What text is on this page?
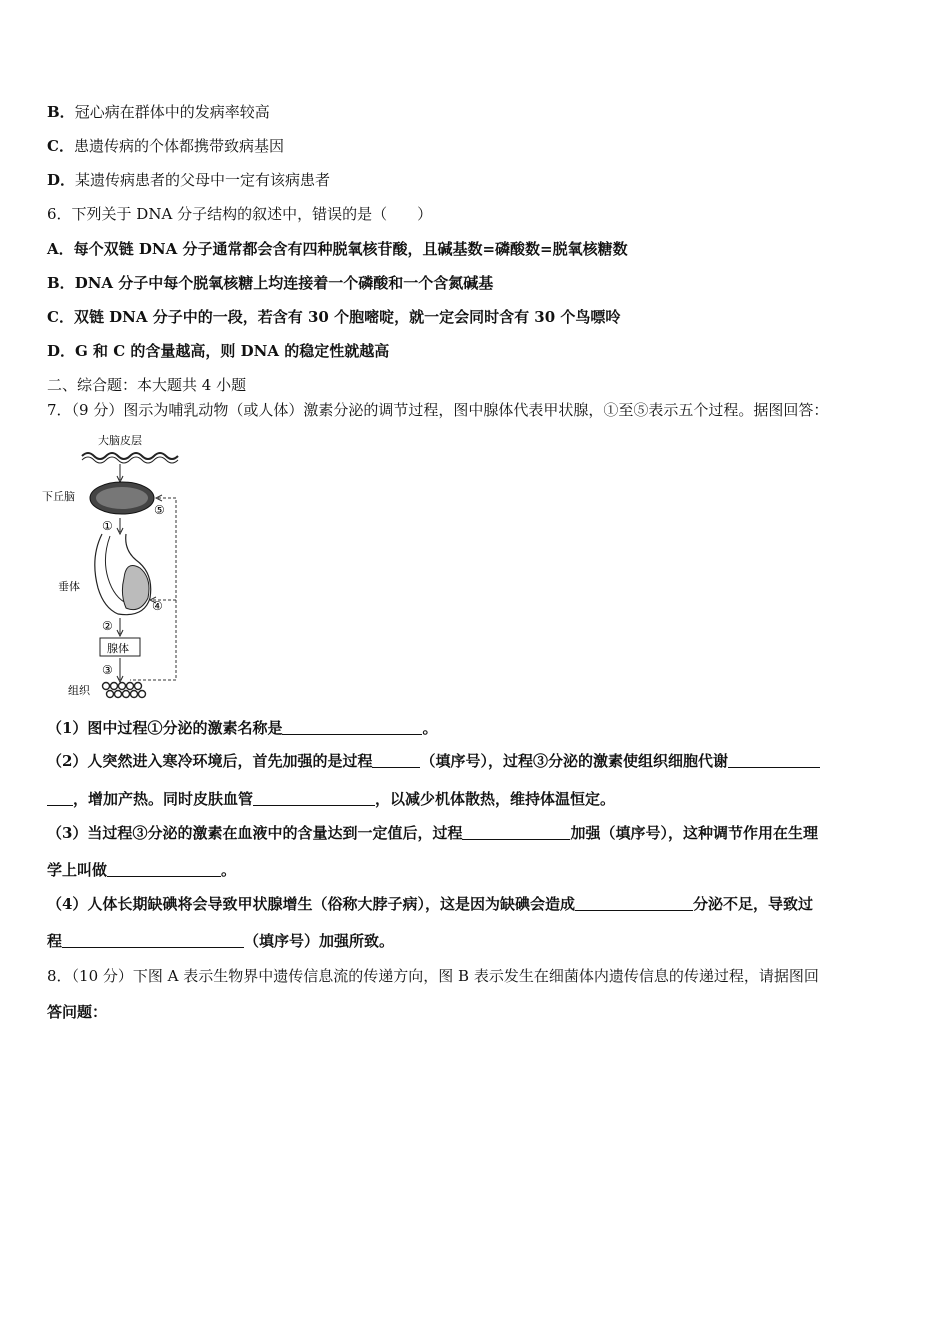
B．冠心病在群体中的发病率较高
C．患遗传病的个体都携带致病基因
D．某遗传病患者的父母中一定有该病患者
6．下列关于 DNA 分子结构的叙述中，错误的是（　　）
A．每个双链 DNA 分子通常都会含有四种脱氧核苷酸，且碱基数=磷酸数=脱氧核糖数
B．DNA 分子中每个脱氧核糖上均连接着一个磷酸和一个含氮碱基
C．双链 DNA 分子中的一段，若含有 30 个胞嘧啶，就一定会同时含有 30 个鸟嘌呤
D．G 和 C 的含量越高，则 DNA 的稳定性就越高
二、综合题：本大题共 4 小题
7．（9 分）图示为哺乳动物（或人体）激素分泌的调节过程，图中腺体代表甲状腺，①至⑤表示五个过程。据图回答：
大脑皮层
下丘脑
①
⑤
④
垂体
②
腺体
③
组织
（1）图中过程①分泌的激素名称是	。
（2）人突然进入寒冷环境后，首先加强的是过程	（填序号），过程③分泌的激素使组织细胞代谢
，增加产热。同时皮肤血管	，以减少机体散热，维持体温恒定。
（3）当过程③分泌的激素在血液中的含量达到一定值后，过程	加强（填序号），这种调节作用在生理
学上叫做	。
（4）人体长期缺碘将会导致甲状腺增生（俗称大脖子病），这是因为缺碘会造成	分泌不足，导致过
程	（填序号）加强所致。
8．（10 分）下图 A 表示生物界中遗传信息流的传递方向，图 B 表示发生在细菌体内遗传信息的传递过程，请据图回
答问题：
